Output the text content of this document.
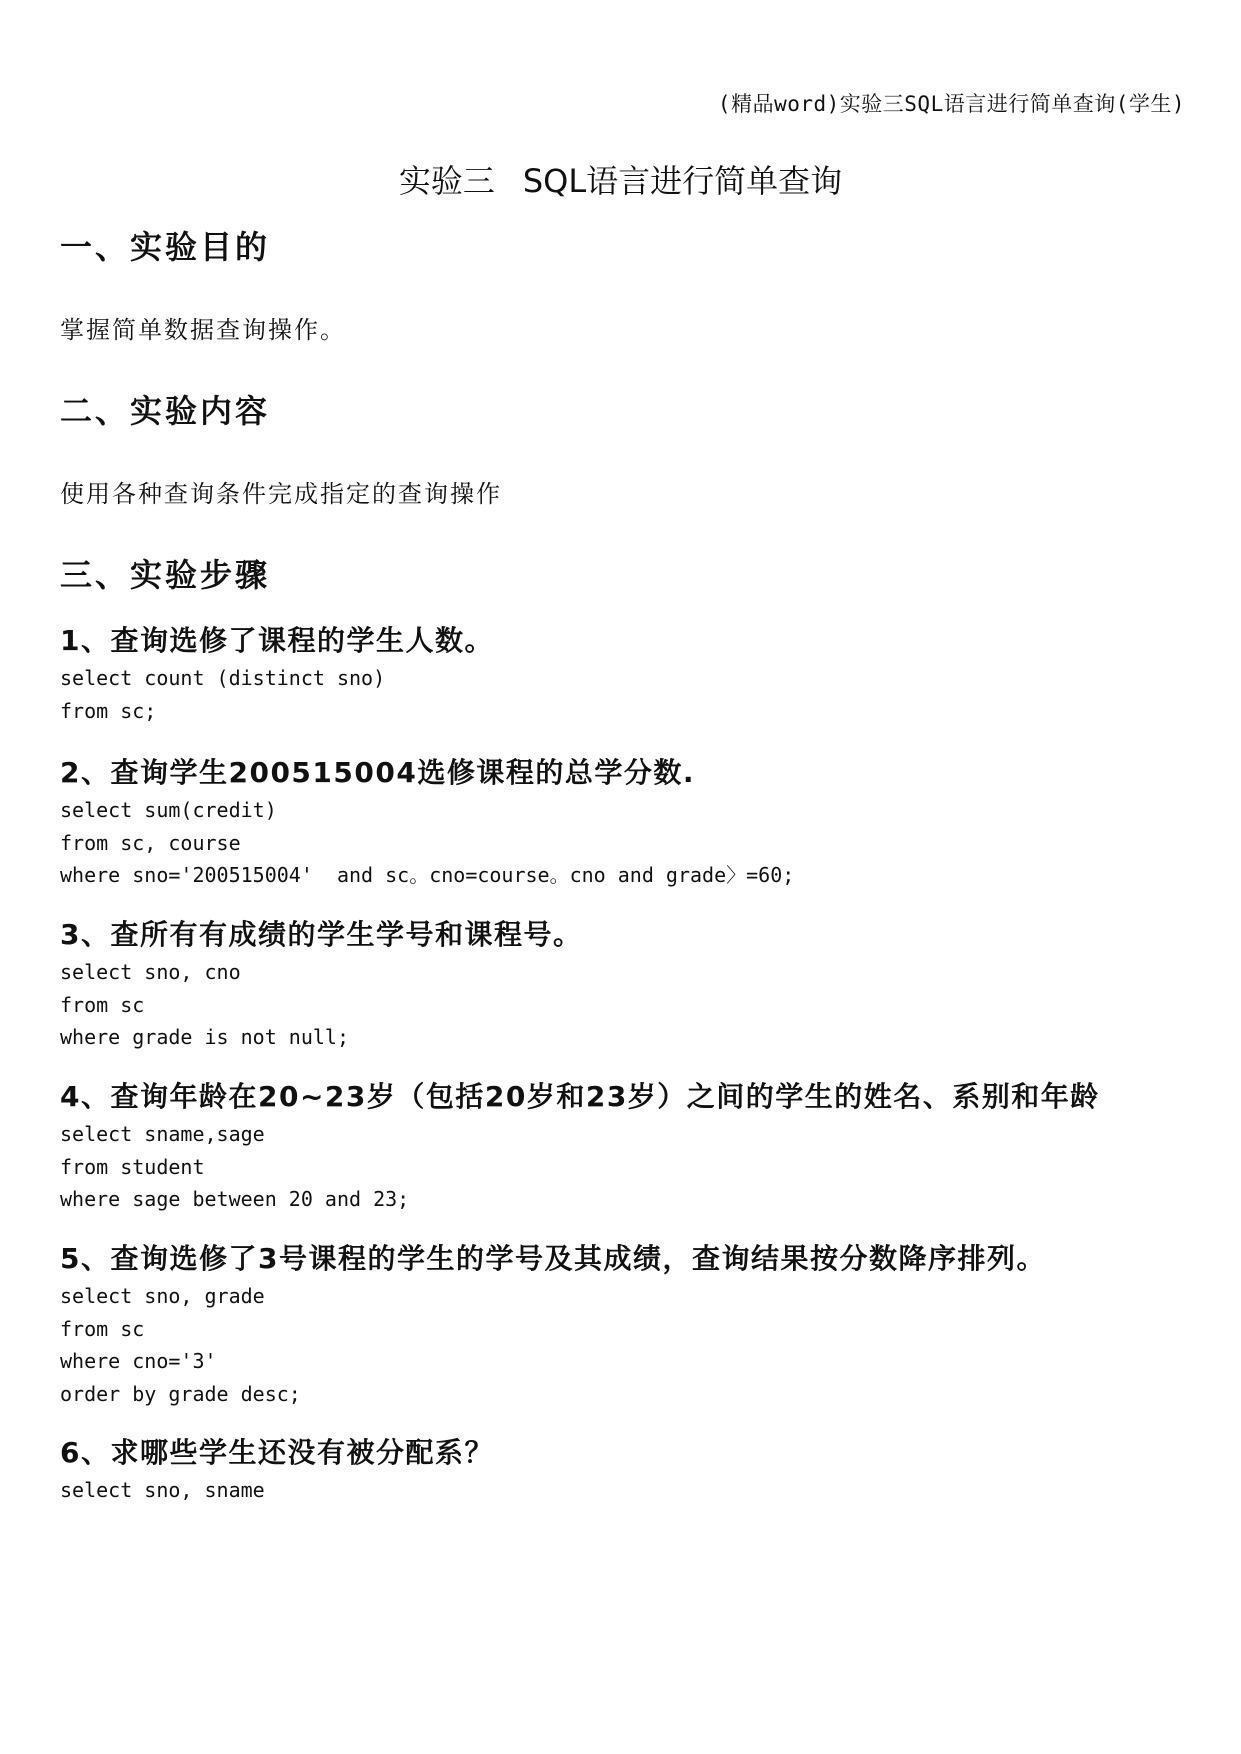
(精品word)实验三SQL语言进行简单查询(学生)
实验三 SQL语言进行简单查询
一、实验目的
掌握简单数据查询操作。
二、实验内容
使用各种查询条件完成指定的查询操作
三、实验步骤
1、查询选修了课程的学生人数。
select count (distinct sno)
from sc;
2、查询学生200515004选修课程的总学分数.
select sum(credit)
from sc, course
where sno='200515004'  and sc。cno=course。cno and grade〉=60;
3、查所有有成绩的学生学号和课程号。
select sno, cno
from sc
where grade is not null;
4、查询年龄在20~23岁（包括20岁和23岁）之间的学生的姓名、系别和年龄
select sname,sage
from student
where sage between 20 and 23;
5、查询选修了3号课程的学生的学号及其成绩，查询结果按分数降序排列。
select sno, grade
from sc
where cno='3'
order by grade desc;
6、求哪些学生还没有被分配系？
select sno, sname
